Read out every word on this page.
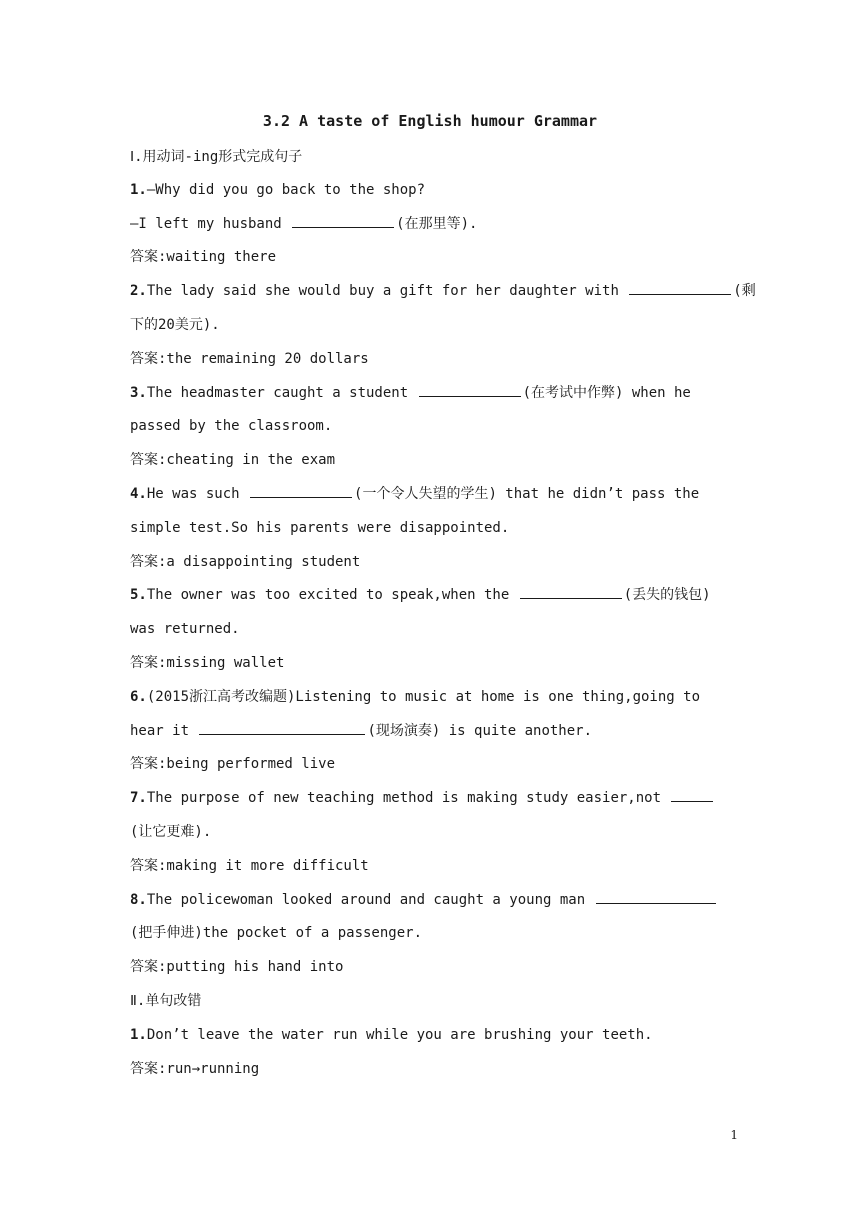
3.2 A taste of English humour Grammar
Ⅰ.用动词-ing形式完成句子
1.—Why did you go back to the shop?
—I left my husband	(在那里等).
答案:waiting there
2.The lady said she would buy a gift for her daughter with	(剩
下的20美元).
答案:the remaining 20 dollars
3.The headmaster caught a student	(在考试中作弊) when he
passed by the classroom.
答案:cheating in the exam
4.He was such	(一个令人失望的学生) that he didn’t pass the
simple test.So his parents were disappointed.
答案:a disappointing student
5.The owner was too excited to speak,when the	(丢失的钱包)
was returned.
答案:missing wallet
6.(2015浙江高考改编题)Listening to music at home is one thing,going to
hear it	(现场演奏) is quite another.
答案:being performed live
7.The purpose of new teaching method is making study easier,not
(让它更难).
答案:making it more difficult
8.The policewoman looked around and caught a young man
(把手伸进)the pocket of a passenger.
答案:putting his hand into
Ⅱ.单句改错
1.Don’t leave the water run while you are brushing your teeth.
答案:run→running
1
